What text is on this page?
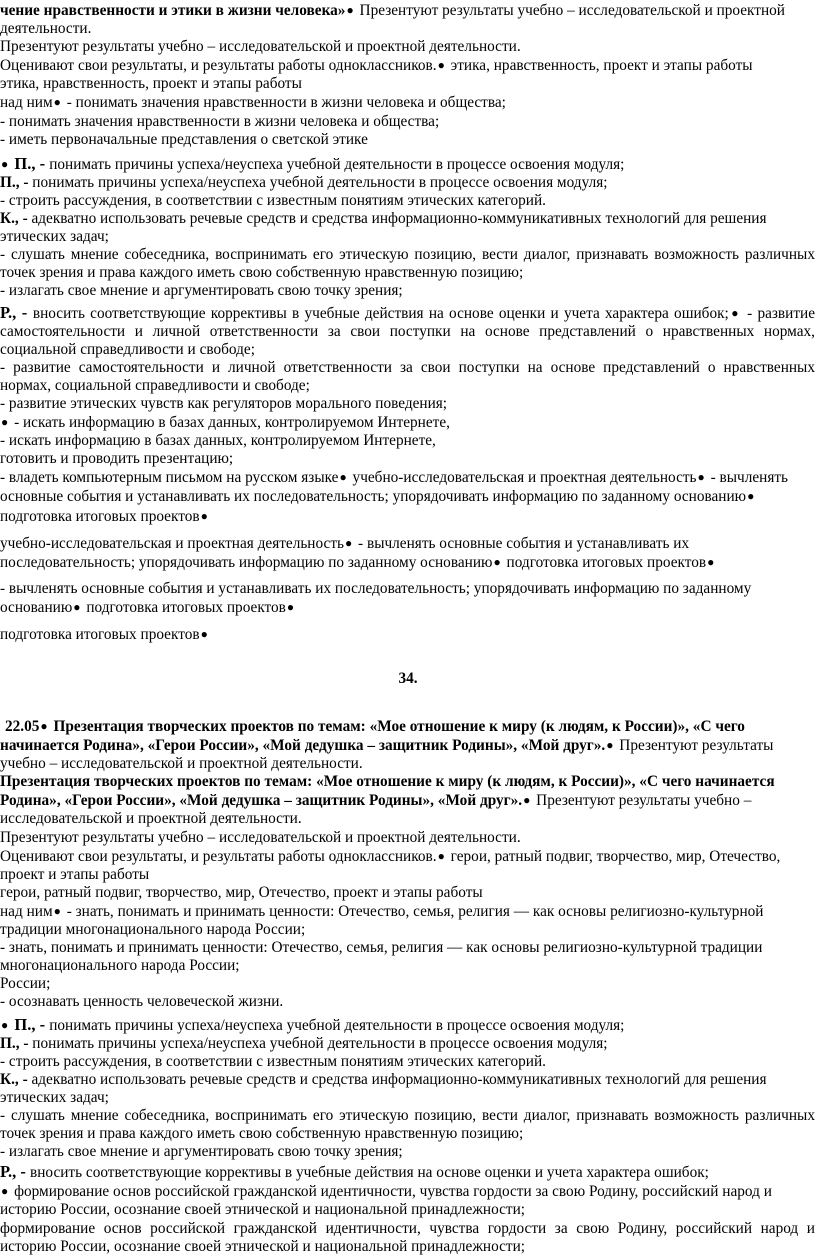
чение нравственности и этики в жизни человека»● Презентуют результаты учебно – исследовательской и проектной деятельности.

Презентуют результаты учебно – исследовательской и проектной деятельности.

Оценивают свои результаты, и результаты работы одноклассников.● этика, нравственность, проект и этапы работы

этика, нравственность, проект и этапы работы

над ним● - понимать значения нравственности в жизни человека и общества;

- понимать значения нравственности в жизни человека и общества;

- иметь первоначальные представления о светской этике

● П., - понимать причины успеха/неуспеха учебной деятельности в процессе освоения модуля;

П., - понимать причины успеха/неуспеха учебной деятельности в процессе освоения модуля;

- строить рассуждения, в соответствии с известным понятиям этических категорий.

К., - адекватно использовать речевые средств и средства информационно-коммуникативных технологий для решения этических задач;

- слушать мнение собеседника, воспринимать его этическую позицию, вести диалог, признавать возможность различных точек зрения и права каждого иметь свою собственную нравственную позицию;

- излагать свое мнение и аргументировать свою точку зрения;

Р., - вносить соответствующие коррективы в учебные действия на основе оценки и учета характера ошибок;● - развитие самостоятельности и личной ответственности за свои поступки на основе представлений о нравственных нормах, социальной справедливости и свободе;

- развитие самостоятельности и личной ответственности за свои поступки на основе представлений о нравственных нормах, социальной справедливости и свободе;

- развитие этических чувств как регуляторов морального поведения;

● - искать информацию в базах данных, контролируемом Интернете,

- искать информацию в базах данных, контролируемом Интернете,

готовить и проводить презентацию;

- владеть компьютерным письмом на русском языке● учебно-исследовательская и проектная деятельность● - вычленять основные события и устанавливать их последовательность; упорядочивать информацию по заданному основанию● подготовка итоговых проектов●

учебно-исследовательская и проектная деятельность● - вычленять основные события и устанавливать их последовательность; упорядочивать информацию по заданному основанию● подготовка итоговых проектов●

- вычленять основные события и устанавливать их последовательность; упорядочивать информацию по заданному основанию● подготовка итоговых проектов●

подготовка итоговых проектов●

34.

22.05● Презентация творческих проектов по темам: «Мое отношение к миру (к людям, к России)», «С чего начинается Родина», «Герои России», «Мой дедушка – защитник Родины», «Мой друг».● Презентуют результаты учебно – исследовательской и проектной деятельности.

Презентация творческих проектов по темам: «Мое отношение к миру (к людям, к России)», «С чего начинается Родина», «Герои России», «Мой дедушка – защитник Родины», «Мой друг».● Презентуют результаты учебно – исследовательской и проектной деятельности.

Презентуют результаты учебно – исследовательской и проектной деятельности.

Оценивают свои результаты, и результаты работы одноклассников.● герои, ратный подвиг, творчество, мир, Отечество, проект и этапы работы

герои, ратный подвиг, творчество, мир, Отечество, проект и этапы работы

над ним● - знать, понимать и принимать ценности: Отечество, семья, религия — как основы религиозно-культурной традиции многонационального народа России;

- знать, понимать и принимать ценности: Отечество, семья, религия — как основы религиозно-культурной традиции многонационального народа России;

России;

- осознавать ценность человеческой жизни.

● П., - понимать причины успеха/неуспеха учебной деятельности в процессе освоения модуля;

П., - понимать причины успеха/неуспеха учебной деятельности в процессе освоения модуля;

- строить рассуждения, в соответствии с известным понятиям этических категорий.

К., - адекватно использовать речевые средств и средства информационно-коммуникативных технологий для решения этических задач;

- слушать мнение собеседника, воспринимать его этическую позицию, вести диалог, признавать возможность различных точек зрения и права каждого иметь свою собственную нравственную позицию;

- излагать свое мнение и аргументировать свою точку зрения;

Р., - вносить соответствующие коррективы в учебные действия на основе оценки и учета характера ошибок;

● формирование основ российской гражданской идентичности, чувства гордости за свою Родину, российский народ и историю России, осознание своей этнической и национальной принадлежности;

формирование основ российской гражданской идентичности, чувства гордости за свою Родину, российский народ и историю России, осознание своей этнической и национальной принадлежности;
